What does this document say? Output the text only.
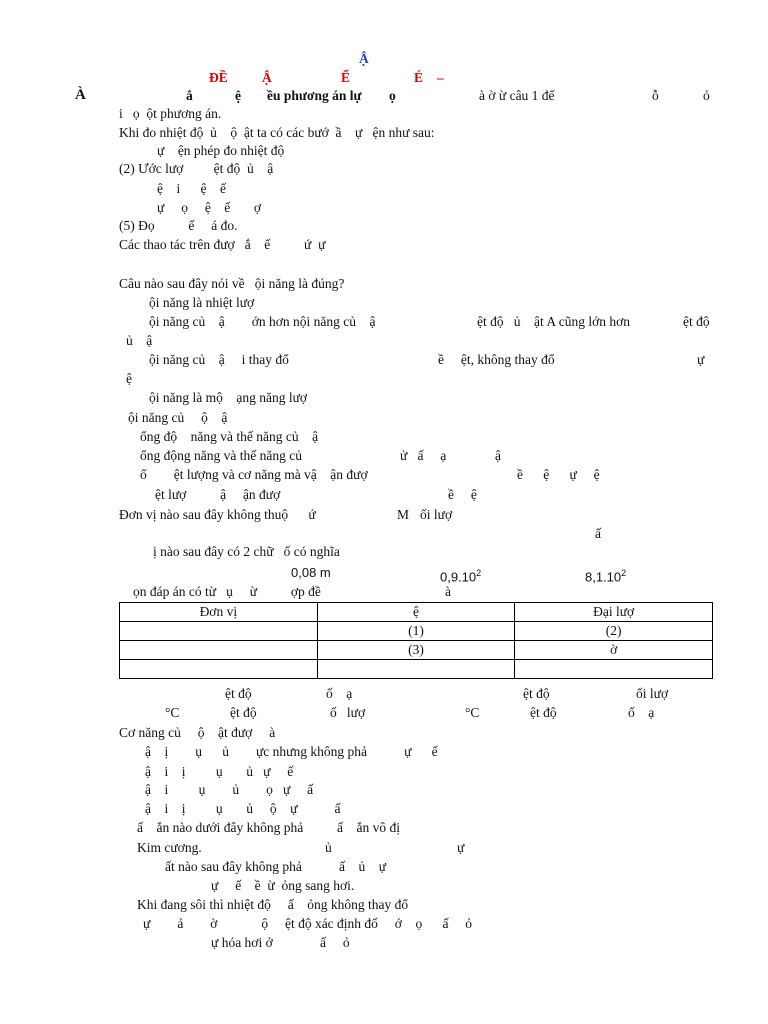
Ậ
ĐỀ	Ậ	Ể	É –
À	ắ	ệ ều phương án lự ọ	à ờ ừ câu 1 đế	ỗ	ỏ
i   ọ  ột phương án.
Khi đo nhiệt độ  ủ    ộ  ật ta có các bướ  ầ    ự   ện như sau:
ự    ện phép đo nhiệt độ
(2) Ước lượ         ệt độ  ủ    ậ
ệ    i      ệ    ế
ự     ọ     ệ    ế       ợ
(5) Đọ          ế     á đo.
Các thao tác trên đượ   ắ    ế          ứ  ự
Câu nào sau đây nói về   ội năng là đúng?
ội năng là nhiệt lượ
ội năng củ    ậ        ớn hơn nội năng củ    ậ	ệt độ   ủ    ật A cũng lớn hơn	ệt độ
ủ    ậ
ội năng củ    ậ     i thay đổ	ề     ệt, không thay đổ	ự
ệ
ội năng là mộ    ạng năng lượ
ội năng củ     ộ    ậ
ổng độ    năng và thế năng củ    ậ
ổng động năng và thế năng củ	ử   ấ     ạ	ậ
ổ        ệt lượng và cơ năng mà vậ    ận đượ	ề      ệ      ự     ệ
ệt lượ          ậ     ận đượ	ề     ệ
Đơn vị nào sau đây không thuộ      ứ	M ối lượ
ấ
ị nào sau đây có 2 chữ   ố có nghĩa
0,08 m	0,9.10$^2$	8,1.10$^2$
ọn đáp án có từ   ụ     ừ          ợp đề	à
Đơn vị	ệ	Đại lượ
	(1)	(2)
	(3)	ờ

ệt độ	ố    ạ	ệt độ	ối lượ
°C	ệt độ	ố   lượ	°C	ệt độ	ố    ạ
Cơ năng củ     ộ    ật đượ     à
ậ    ị        ụ      ủ        ực nhưng không phả           ự      ế
ậ    i    ị         ụ       ủ   ự     ế
ậ    i         ụ        ủ        ọ   ự     ấ
ậ    i    ị         ụ       ủ     ộ    ự           ấ
ấ    ắn nào dưới đây không phả          ấ    ắn vô đị
Kim cương.	ủ	ự
ất nào sau đây không phả           ấ    ủ    ự
ự     ế    ề  ừ  ỏng sang hơi.
Khi đang sôi thì nhiệt độ     ấ    ỏng không thay đổ
ự        ả        ờ             ộ     ệt độ xác định đố     ớ    ọ      ấ     ỏ
ự hóa hơi ở              ấ     ỏ
